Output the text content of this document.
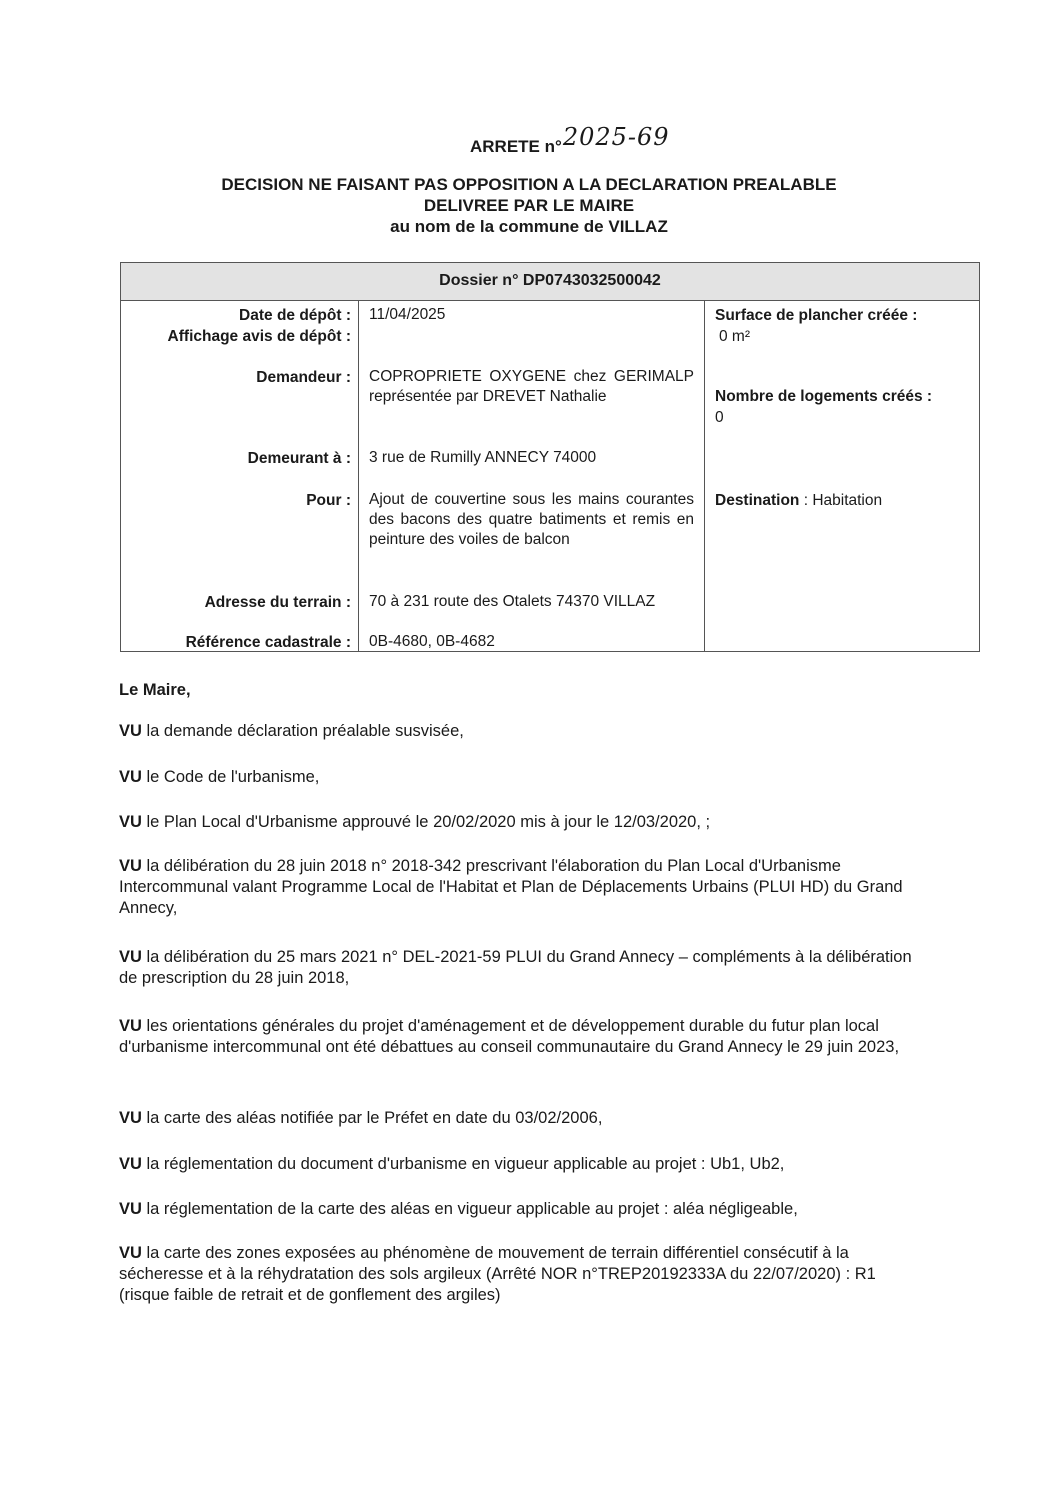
ARRETE n°2025-69
DECISION NE FAISANT PAS OPPOSITION A LA DECLARATION PREALABLE
DELIVREE PAR LE MAIRE
au nom de la commune de VILLAZ
Dossier n° DP0743032500042
Date de dépôt :
Affichage avis de dépôt :
Demandeur :
Demeurant à :
Pour :
Adresse du terrain :
Référence cadastrale :
11/04/2025
COPROPRIETE OXYGENE chez GERIMALP représentée par DREVET Nathalie
3 rue de Rumilly ANNECY 74000
Ajout de couvertine sous les mains courantes des bacons des quatre batiments et remis en peinture des voiles de balcon
70 à 231 route des Otalets 74370 VILLAZ
0B-4680, 0B-4682
Surface de plancher créée :
0 m²
Nombre de logements créés :
0
Destination : Habitation
Le Maire,
VU la demande déclaration préalable susvisée,
VU le Code de l'urbanisme,
VU le Plan Local d'Urbanisme approuvé le 20/02/2020 mis à jour le 12/03/2020, ;
VU la délibération du 28 juin 2018 n° 2018-342 prescrivant l'élaboration du Plan Local d'Urbanisme Intercommunal valant Programme Local de l'Habitat et Plan de Déplacements Urbains (PLUI HD) du Grand Annecy,
VU la délibération du 25 mars 2021 n° DEL-2021-59 PLUI du Grand Annecy – compléments à la délibération de prescription du 28 juin 2018,
VU les orientations générales du projet d'aménagement et de développement durable du futur plan local d'urbanisme intercommunal ont été débattues au conseil communautaire du Grand Annecy le 29 juin 2023,
VU la carte des aléas notifiée par le Préfet en date du 03/02/2006,
VU la réglementation du document d'urbanisme en vigueur applicable au projet : Ub1, Ub2,
VU la réglementation de la carte des aléas en vigueur applicable au projet : aléa négligeable,
VU la carte des zones exposées au phénomène de mouvement de terrain différentiel consécutif à la sécheresse et à la réhydratation des sols argileux (Arrêté NOR n°TREP20192333A du 22/07/2020) : R1 (risque faible de retrait et de gonflement des argiles)
